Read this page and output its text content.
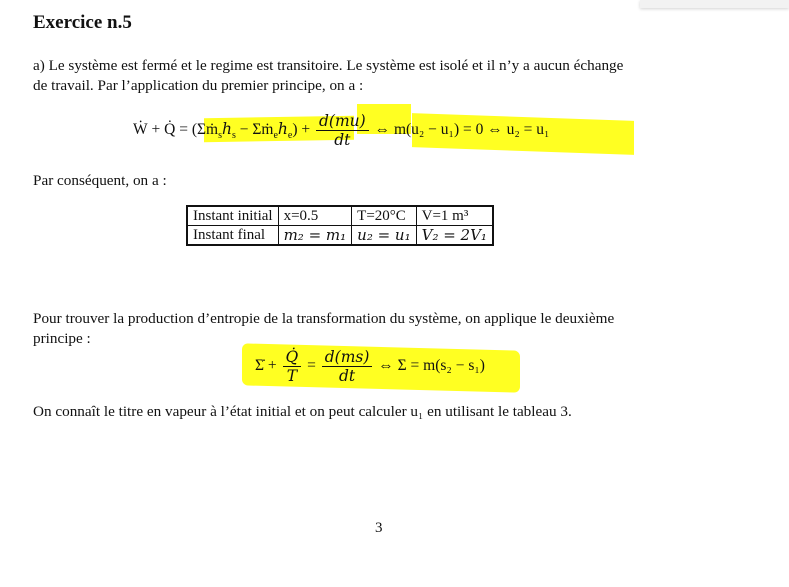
Exercice n.5
a) Le système est fermé et le regime est transitoire. Le système est isolé et il n’y a aucun échange
de travail. Par l’application du premier principe, on a :
Ẇ + Q̇ = ($\Sigma ṁ_sh_s$ − $\Sigma ṁ_eh_e) + \frac{d(mu)}{dt}$ ⇔ m(u₂ − u₁) = 0 ⇔ u₂ = u₁
Par conséquent, on a :
Instant initial	x=0.5	T=20°C	V=1 m³
Instant final	m₂ = m₁	u₂ = u₁	V₂ = 2V₁
Pour trouver la production d’entropie de la transformation du système, on applique le deuxième
principe :
Σ̇ + $\frac{Q̇}{T} = \frac{d(ms)}{dt}$ ⇔ Σ = m(s₂ − s₁)
On connaît le titre en vapeur à l’état initial et on peut calculer u₁ en utilisant le tableau 3.
3
